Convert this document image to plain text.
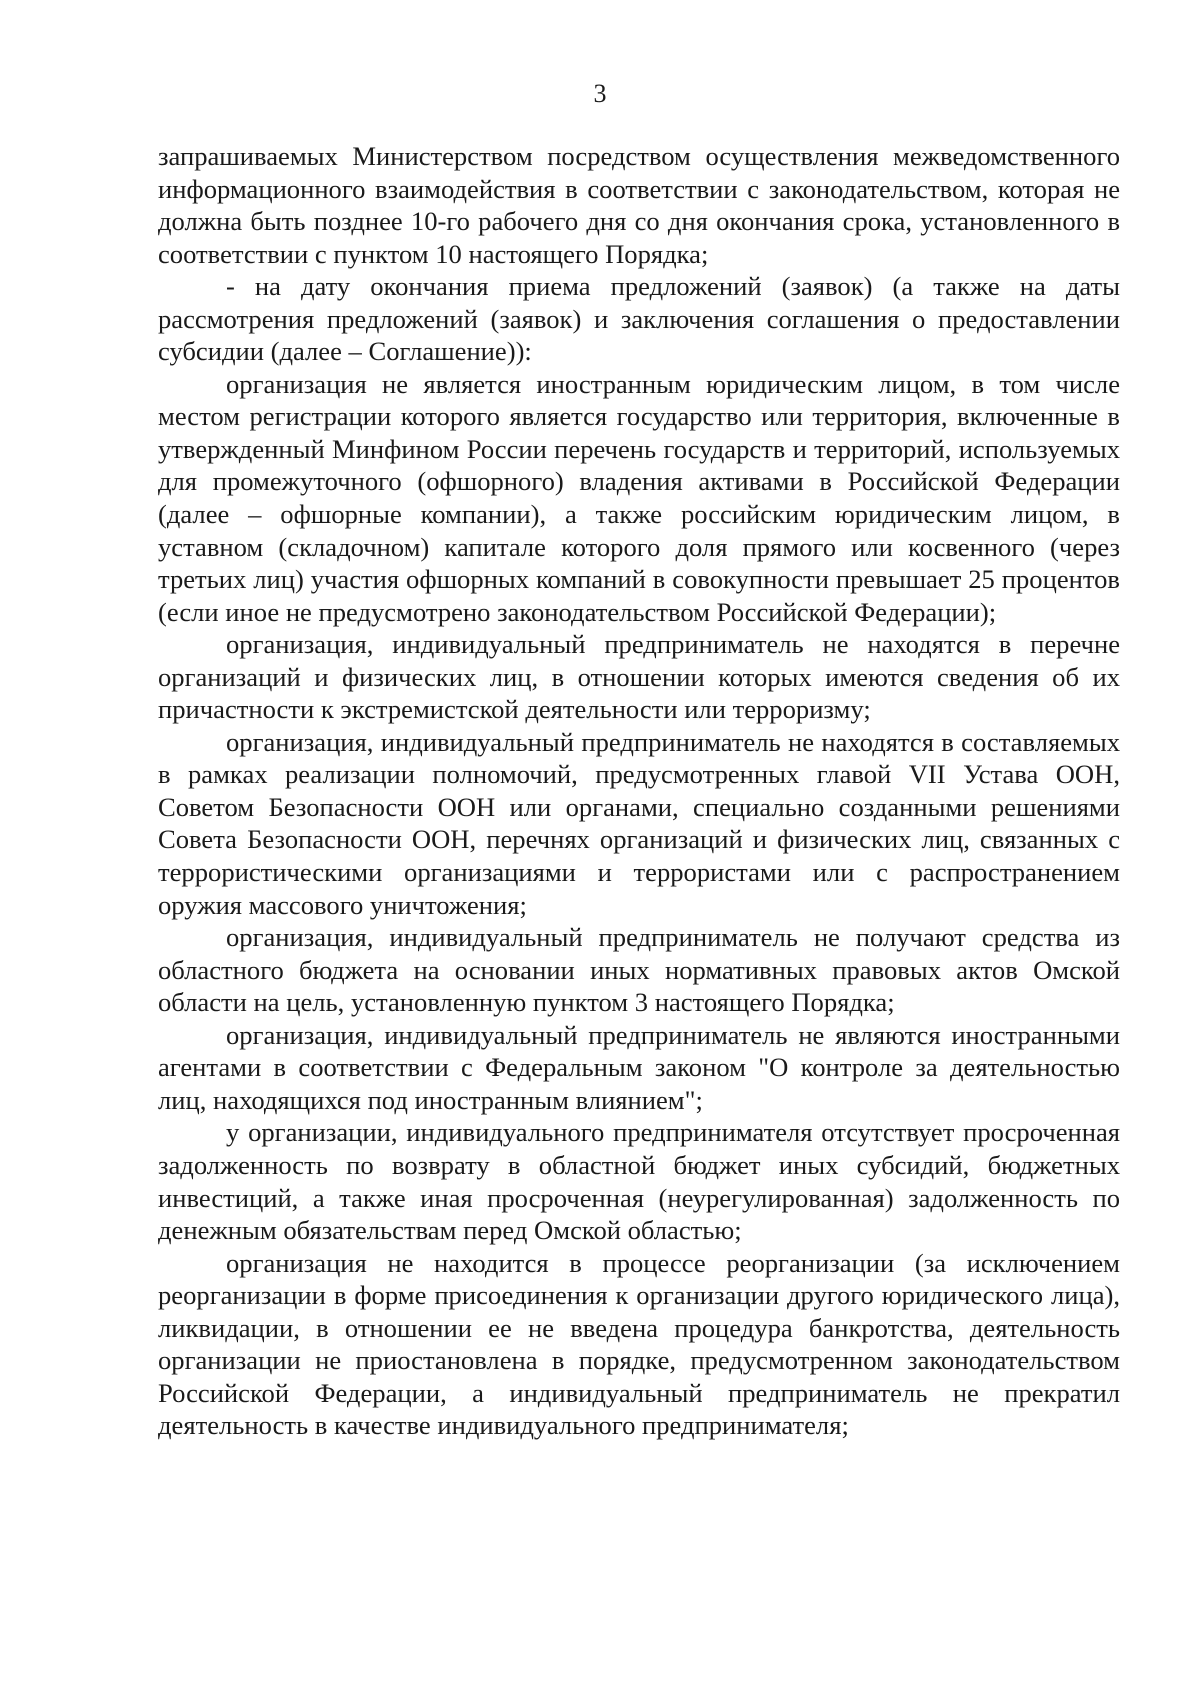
3

запрашиваемых Министерством посредством осуществления межведомственного информационного взаимодействия в соответствии с законодательством, которая не должна быть позднее 10-го рабочего дня со дня окончания срока, установленного в соответствии с пунктом 10 настоящего Порядка;

- на дату окончания приема предложений (заявок) (а также на даты рассмотрения предложений (заявок) и заключения соглашения о предоставлении субсидии (далее – Соглашение)):

организация не является иностранным юридическим лицом, в том числе местом регистрации которого является государство или территория, включенные в утвержденный Минфином России перечень государств и территорий, используемых для промежуточного (офшорного) владения активами в Российской Федерации (далее – офшорные компании), а также российским юридическим лицом, в уставном (складочном) капитале которого доля прямого или косвенного (через третьих лиц) участия офшорных компаний в совокупности превышает 25 процентов (если иное не предусмотрено законодательством Российской Федерации);

организация, индивидуальный предприниматель не находятся в перечне организаций и физических лиц, в отношении которых имеются сведения об их причастности к экстремистской деятельности или терроризму;

организация, индивидуальный предприниматель не находятся в составляемых в рамках реализации полномочий, предусмотренных главой VII Устава ООН, Советом Безопасности ООН или органами, специально созданными решениями Совета Безопасности ООН, перечнях организаций и физических лиц, связанных с террористическими организациями и террористами или с распространением оружия массового уничтожения;

организация, индивидуальный предприниматель не получают средства из областного бюджета на основании иных нормативных правовых актов Омской области на цель, установленную пунктом 3 настоящего Порядка;

организация, индивидуальный предприниматель не являются иностранными агентами в соответствии с Федеральным законом "О контроле за деятельностью лиц, находящихся под иностранным влиянием";

у организации, индивидуального предпринимателя отсутствует просроченная задолженность по возврату в областной бюджет иных субсидий, бюджетных инвестиций, а также иная просроченная (неурегулированная) задолженность по денежным обязательствам перед Омской областью;

организация не находится в процессе реорганизации (за исключением реорганизации в форме присоединения к организации другого юридического лица), ликвидации, в отношении ее не введена процедура банкротства, деятельность организации не приостановлена в порядке, предусмотренном законодательством Российской Федерации, а индивидуальный предприниматель не прекратил деятельность в качестве индивидуального предпринимателя;
